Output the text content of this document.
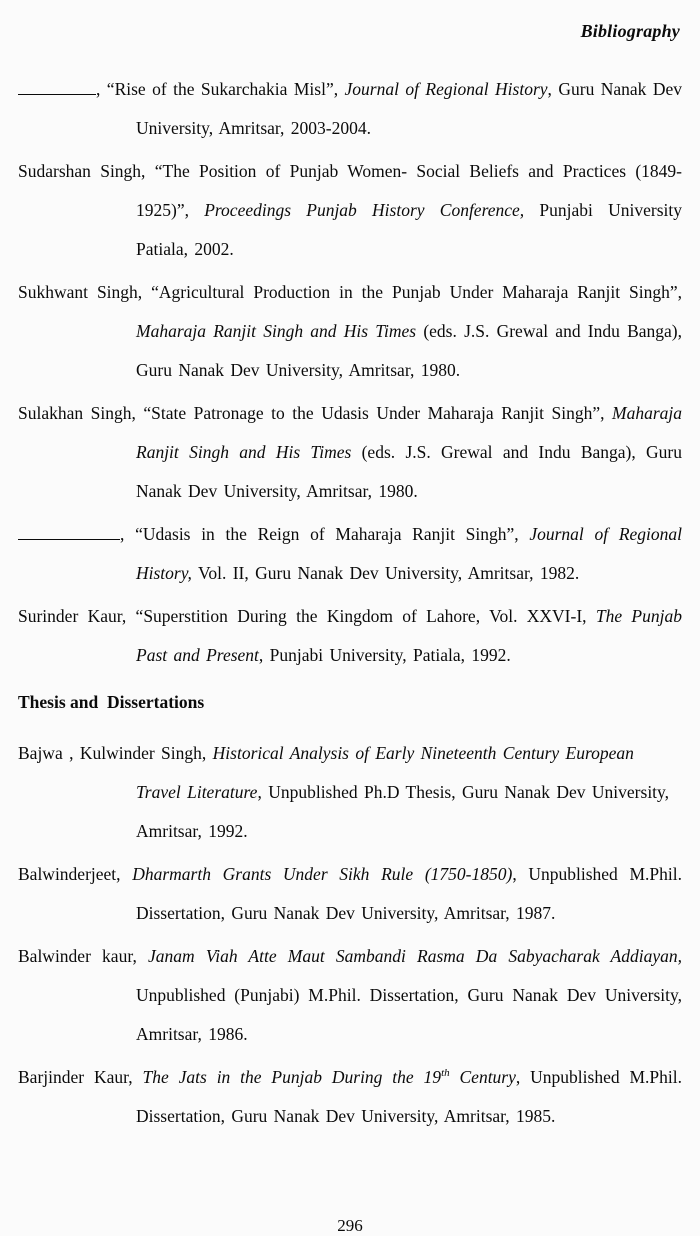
Bibliography

, “Rise of the Sukarchakia Misl”, Journal of Regional History, Guru Nanak Dev University, Amritsar, 2003-2004.

Sudarshan Singh, “The Position of Punjab Women- Social Beliefs and Practices (1849-1925)”, Proceedings Punjab History Conference, Punjabi University Patiala, 2002.

Sukhwant Singh, “Agricultural Production in the Punjab Under Maharaja Ranjit Singh”, Maharaja Ranjit Singh and His Times (eds. J.S. Grewal and Indu Banga), Guru Nanak Dev University, Amritsar, 1980.

Sulakhan Singh, “State Patronage to the Udasis Under Maharaja Ranjit Singh”, Maharaja Ranjit Singh and His Times (eds. J.S. Grewal and Indu Banga), Guru Nanak Dev University, Amritsar, 1980.

, “Udasis in the Reign of Maharaja Ranjit Singh”, Journal of Regional History, Vol. II, Guru Nanak Dev University, Amritsar, 1982.

Surinder Kaur, “Superstition During the Kingdom of Lahore, Vol. XXVI-I, The Punjab Past and Present, Punjabi University, Patiala, 1992.

Thesis and  Dissertations

Bajwa , Kulwinder Singh, Historical Analysis of Early Nineteenth Century European Travel Literature, Unpublished Ph.D Thesis, Guru Nanak Dev University, Amritsar, 1992.

Balwinderjeet, Dharmarth Grants Under Sikh Rule (1750-1850), Unpublished M.Phil. Dissertation, Guru Nanak Dev University, Amritsar, 1987.

Balwinder kaur, Janam Viah Atte Maut Sambandi Rasma Da Sabyacharak Addiayan, Unpublished (Punjabi) M.Phil. Dissertation, Guru Nanak Dev University, Amritsar, 1986.

Barjinder Kaur, The Jats in the Punjab During the 19th Century, Unpublished M.Phil. Dissertation, Guru Nanak Dev University, Amritsar, 1985.

296
